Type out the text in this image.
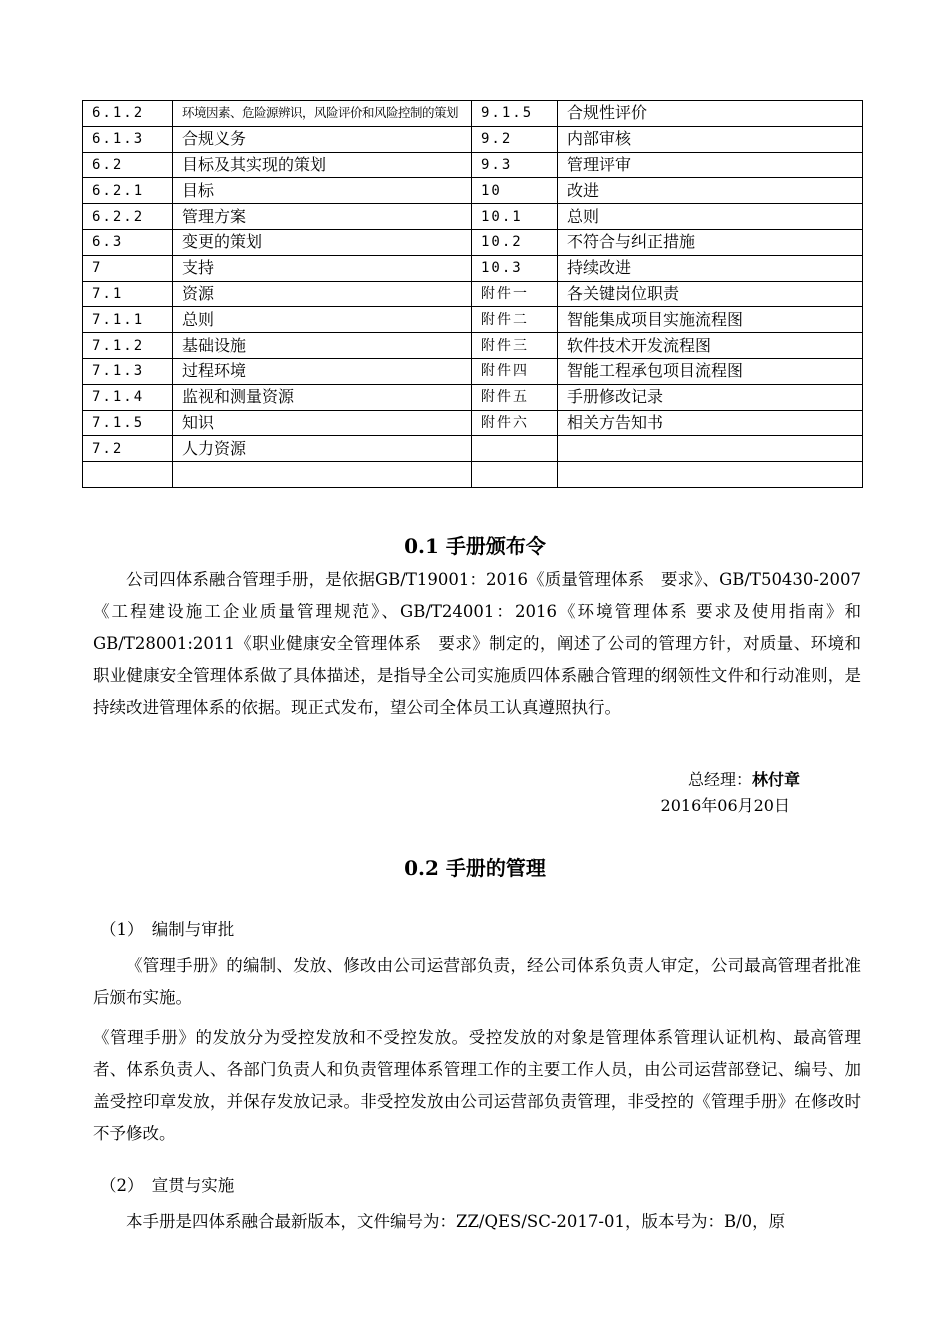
6.1.2	环境因素、危险源辨识，风险评价和风险控制的策划	9.1.5	合规性评价
6.1.3	合规义务	9.2	内部审核
6.2	目标及其实现的策划	9.3	管理评审
6.2.1	目标	10	改进
6.2.2	管理方案	10.1	总则
6.3	变更的策划	10.2	不符合与纠正措施
7	支持	10.3	持续改进
7.1	资源	附件一	各关键岗位职责
7.1.1	总则	附件二	智能集成项目实施流程图
7.1.2	基础设施	附件三	软件技术开发流程图
7.1.3	过程环境	附件四	智能工程承包项目流程图
7.1.4	监视和测量资源	附件五	手册修改记录
7.1.5	知识	附件六	相关方告知书
7.2	人力资源		

0.1 手册颁布令

公司四体系融合管理手册，是依据GB/T19001：2016《质量管理体系　要求》、GB/T50430-2007《工程建设施工企业质量管理规范》、GB/T24001：2016《环境管理体系 要求及使用指南》和GB/T28001:2011《职业健康安全管理体系　要求》制定的，阐述了公司的管理方针，对质量、环境和职业健康安全管理体系做了具体描述，是指导全公司实施质四体系融合管理的纲领性文件和行动准则，是持续改进管理体系的依据。现正式发布，望公司全体员工认真遵照执行。

总经理：林付章
2016年06月20日
0.2 手册的管理
（1）　编制与审批

《管理手册》的编制、发放、修改由公司运营部负责，经公司体系负责人审定，公司最高管理者批准后颁布实施。

《管理手册》的发放分为受控发放和不受控发放。受控发放的对象是管理体系管理认证机构、最高管理者、体系负责人、各部门负责人和负责管理体系管理工作的主要工作人员，由公司运营部登记、编号、加盖受控印章发放，并保存发放记录。非受控发放由公司运营部负责管理，非受控的《管理手册》在修改时不予修改。

（2）　宣贯与实施

本手册是四体系融合最新版本，文件编号为：ZZ/QES/SC-2017-01，版本号为：B/0，原
